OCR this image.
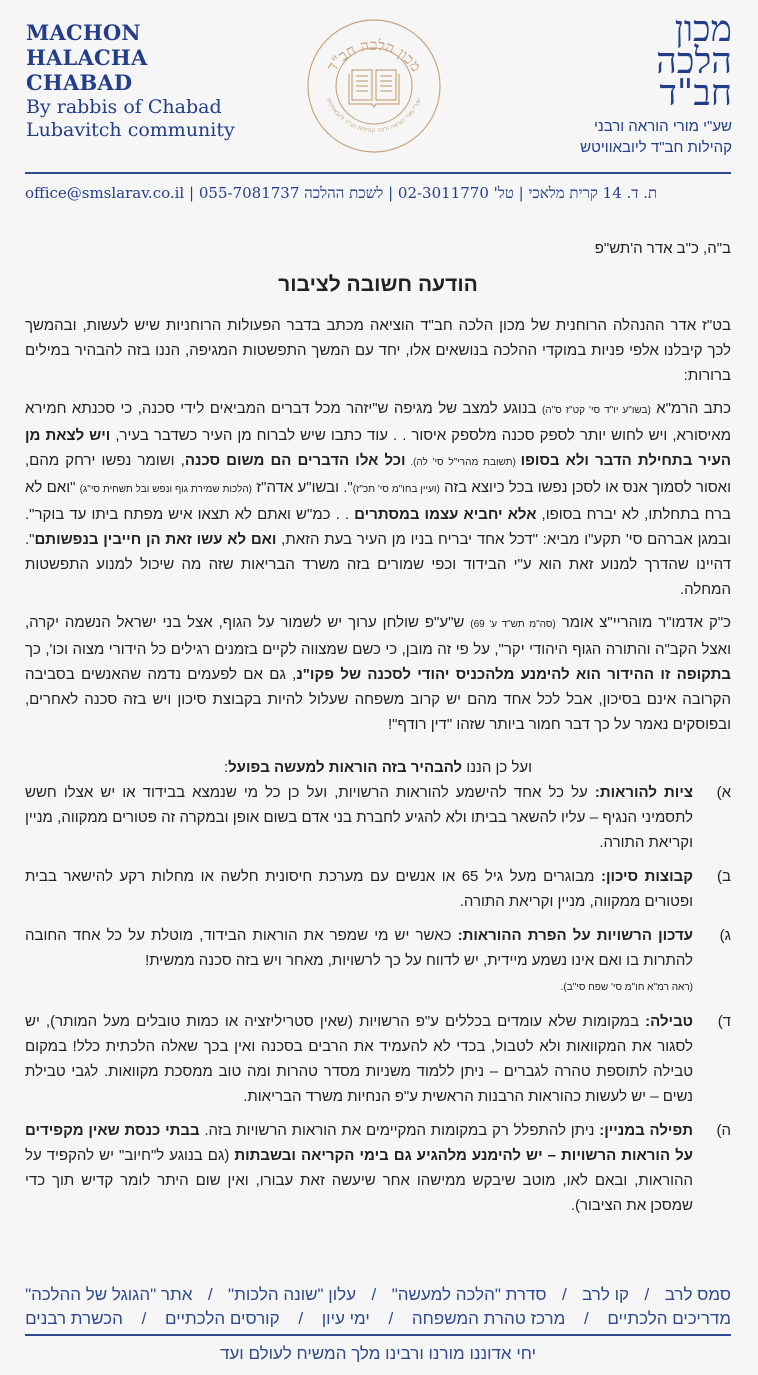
MACHON
HALACHA
CHABAD
By rabbis of Chabad
Lubavitch community
מכון הלכה חב"ד
שע"י מורי הוראה ורבני קהילות חב"ד ליובאוויטש
מכון
הלכה
חב"ד
שע"י מורי הוראה ורבני
קהילות חב"ד ליובאוויטש
office@smslarav.co.il |	לשכת ההלכה 055-7081737	|	ת. ד. 14 קרית מלאכי | טל' 02-3011770

ב"ה, כ"ב אדר ה'תש"פ

הודעה חשובה לציבור

בט"ז אדר ההנהלה הרוחנית של מכון הלכה חב"ד הוציאה מכתב בדבר הפעולות הרוחניות שיש לעשות, ובהמשך לכך קיבלנו אלפי פניות במוקדי ההלכה בנושאים אלו, יחד עם המשך התפשטות המגיפה, הננו בזה להבהיר במילים ברורות:

כתב הרמ"א (בשו"ע יו"ד סי' קט"ז ס"ה) בנוגע למצב של מגיפה ש"יזהר מכל דברים המביאים לידי סכנה, כי סכנתא חמירא מאיסורא, ויש לחוש יותר לספק סכנה מלספק איסור . . עוד כתבו שיש לברוח מן העיר כשדבר בעיר, ויש לצאת מן העיר בתחילת הדבר ולא בסופו (תשובת מהרי"ל סי' לה). וכל אלו הדברים הם משום סכנה, ושומר נפשו ירחק מהם, ואסור לסמוך אנס או לסכן נפשו בכל כיוצא בזה (ועיין בחו"מ סי' תכ"ז)". ובשו"ע אדה"ז (הלכות שמירת גוף ונפש ובל תשחית סי"ג) "ואם לא ברח בתחלתו, לא יברח בסופו, אלא יחביא עצמו במסתרים . . כמ"ש ואתם לא תצאו איש מפתח ביתו עד בוקר". ובמגן אברהם סי' תקע"ו מביא: "דכל אחד יבריח בניו מן העיר בעת הזאת, ואם לא עשו זאת הן חייבין בנפשותם". דהיינו שהדרך למנוע זאת הוא ע"י הבידוד וכפי שמורים בזה משרד הבריאות שזה מה שיכול למנוע התפשטות המחלה.

כ"ק אדמו"ר מוהריי"צ אומר (סה"מ תש"ד ע' 69) ש"ע"פ שולחן ערוך יש לשמור על הגוף, אצל בני ישראל הנשמה יקרה, ואצל הקב"ה והתורה הגוף היהודי יקר", על פי זה מובן, כי כשם שמצווה לקיים בזמנים רגילים כל הידורי מצוה וכו', כך בתקופה זו ההידור הוא להימנע מלהכניס יהודי לסכנה של פקו"נ, גם אם לפעמים נדמה שהאנשים בסביבה הקרובה אינם בסיכון, אבל לכל אחד מהם יש קרוב משפחה שעלול להיות בקבוצת סיכון ויש בזה סכנה לאחרים, ובפוסקים נאמר על כך דבר חמור ביותר שזהו "דין רודף"!

ועל כן הננו להבהיר בזה הוראות למעשה בפועל:
א)
ציות להוראות: על כל אחד להישמע להוראות הרשויות, ועל כן כל מי שנמצא בבידוד או יש אצלו חשש לתסמיני הנגיף – עליו להשאר בביתו ולא להגיע לחברת בני אדם בשום אופן ובמקרה זה פטורים ממקווה, מניין וקריאת התורה.
ב)
קבוצות סיכון: מבוגרים מעל גיל 65 או אנשים עם מערכת חיסונית חלשה או מחלות רקע להישאר בבית ופטורים ממקווה, מניין וקריאת התורה.
ג)
עדכון הרשויות על הפרת ההוראות: כאשר יש מי שמפר את הוראות הבידוד, מוטלת על כל אחד החובה להתרות בו ואם אינו נשמע מיידית, יש לדווח על כך לרשויות, מאחר ויש בזה סכנה ממשית!
(ראה רמ"א חו"מ סי' שפח סי"ב).
ד)
טבילה: במקומות שלא עומדים בכללים ע"פ הרשויות (שאין סטריליזציה או כמות טובלים מעל המותר), יש לסגור את המקוואות ולא לטבול, בכדי לא להעמיד את הרבים בסכנה ואין בכך שאלה הלכתית כלל! במקום טבילה לתוספת טהרה לגברים – ניתן ללמוד משניות מסדר טהרות ומה טוב ממסכת מקוואות. לגבי טבילת נשים – יש לעשות כהוראות הרבנות הראשית ע"פ הנחיות משרד הבריאות.
ה)
תפילה במניין: ניתן להתפלל רק במקומות המקיימים את הוראות הרשויות בזה. בבתי כנסת שאין מקפידים על הוראות הרשויות – יש להימנע מלהגיע גם בימי הקריאה ובשבתות (גם בנוגע ל"חיוב" יש להקפיד על ההוראות, ובאם לאו, מוטב שיבקש ממישהו אחר שיעשה זאת עבורו, ואין שום היתר לומר קדיש תוך כדי שמסכן את הציבור).
סמס לרב
/
קו לרב
/
סדרת "הלכה למעשה"
/
עלון "שונה הלכות"
/
אתר "הגוגל של ההלכה"
מדריכים הלכתיים
/
מרכז טהרת המשפחה
/
ימי עיון
/
קורסים הלכתיים
/
הכשרת רבנים
יחי אדוננו מורנו ורבינו מלך המשיח לעולם ועד
